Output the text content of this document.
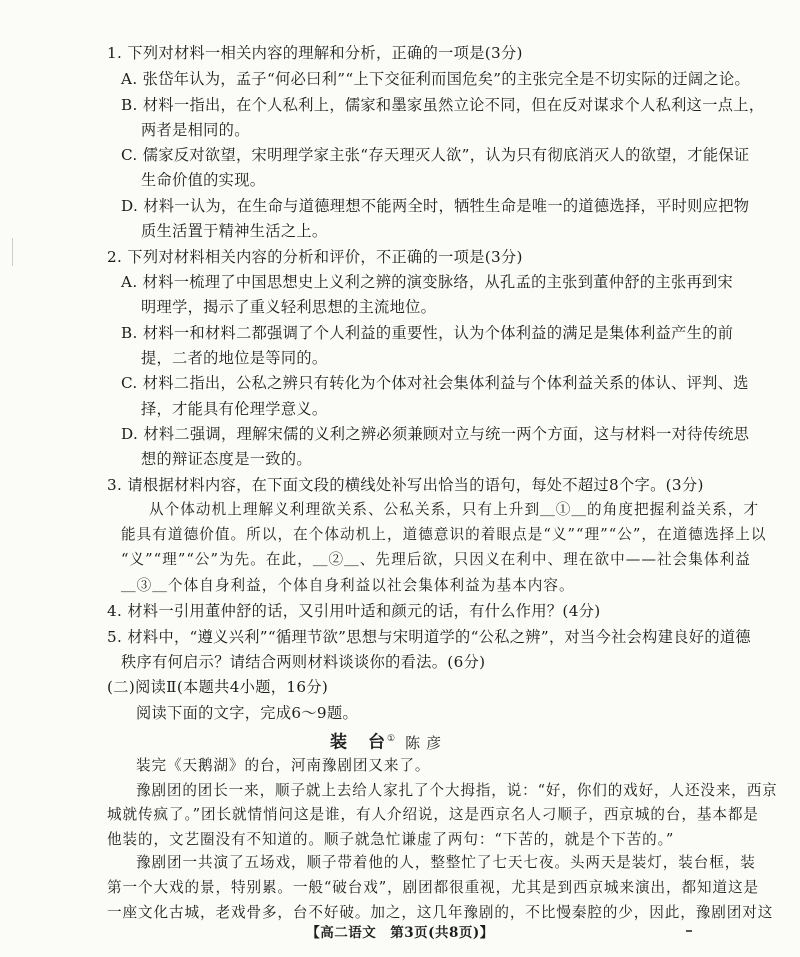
1. 下列对材料一相关内容的理解和分析，正确的一项是(3分)
A. 张岱年认为，孟子“何必曰利”“上下交征利而国危矣”的主张完全是不切实际的迂阔之论。
B. 材料一指出，在个人私利上，儒家和墨家虽然立论不同，但在反对谋求个人私利这一点上，
两者是相同的。
C. 儒家反对欲望，宋明理学家主张“存天理灭人欲”，认为只有彻底消灭人的欲望，才能保证
生命价值的实现。
D. 材料一认为，在生命与道德理想不能两全时，牺牲生命是唯一的道德选择，平时则应把物
质生活置于精神生活之上。
2. 下列对材料相关内容的分析和评价，不正确的一项是(3分)
A. 材料一梳理了中国思想史上义利之辨的演变脉络，从孔孟的主张到董仲舒的主张再到宋
明理学，揭示了重义轻利思想的主流地位。
B. 材料一和材料二都强调了个人利益的重要性，认为个体利益的满足是集体利益产生的前
提，二者的地位是等同的。
C. 材料二指出，公私之辨只有转化为个体对社会集体利益与个体利益关系的体认、评判、选
择，才能具有伦理学意义。
D. 材料二强调，理解宋儒的义利之辨必须兼顾对立与统一两个方面，这与材料一对待传统思
想的辩证态度是一致的。
3. 请根据材料内容，在下面文段的横线处补写出恰当的语句，每处不超过8个字。(3分)
从个体动机上理解义利理欲关系、公私关系，只有上升到＿①＿的角度把握利益关系，才
能具有道德价值。所以，在个体动机上，道德意识的着眼点是“义”“理”“公”，在道德选择上以
“义”“理”“公”为先。在此，＿②＿、先理后欲，只因义在利中、理在欲中——社会集体利益
＿③＿个体自身利益，个体自身利益以社会集体利益为基本内容。
4. 材料一引用董仲舒的话，又引用叶适和颜元的话，有什么作用？(4分)
5. 材料中，“遵义兴利”“循理节欲”思想与宋明道学的“公私之辨”，对当今社会构建良好的道德
秩序有何启示？请结合两则材料谈谈你的看法。(6分)
(二)阅读Ⅱ(本题共4小题，16分)
阅读下面的文字，完成6～9题。
装　台① 陈彦
装完《天鹅湖》的台，河南豫剧团又来了。
豫剧团的团长一来，顺子就上去给人家扎了个大拇指，说：“好，你们的戏好，人还没来，西京
城就传疯了。”团长就情悄问这是谁，有人介绍说，这是西京名人刁顺子，西京城的台，基本都是
他装的，文艺圈没有不知道的。顺子就急忙谦虚了两句：“下苦的，就是个下苦的。”
豫剧团一共演了五场戏，顺子带着他的人，整整忙了七天七夜。头两天是装灯，装台框，装
第一个大戏的景，特别累。一般“破台戏”，剧团都很重视，尤其是到西京城来演出，都知道这是
一座文化古城，老戏骨多，台不好破。加之，这几年豫剧的，不比慢秦腔的少，因此，豫剧团对这
【高二语文　第3页(共8页)】
